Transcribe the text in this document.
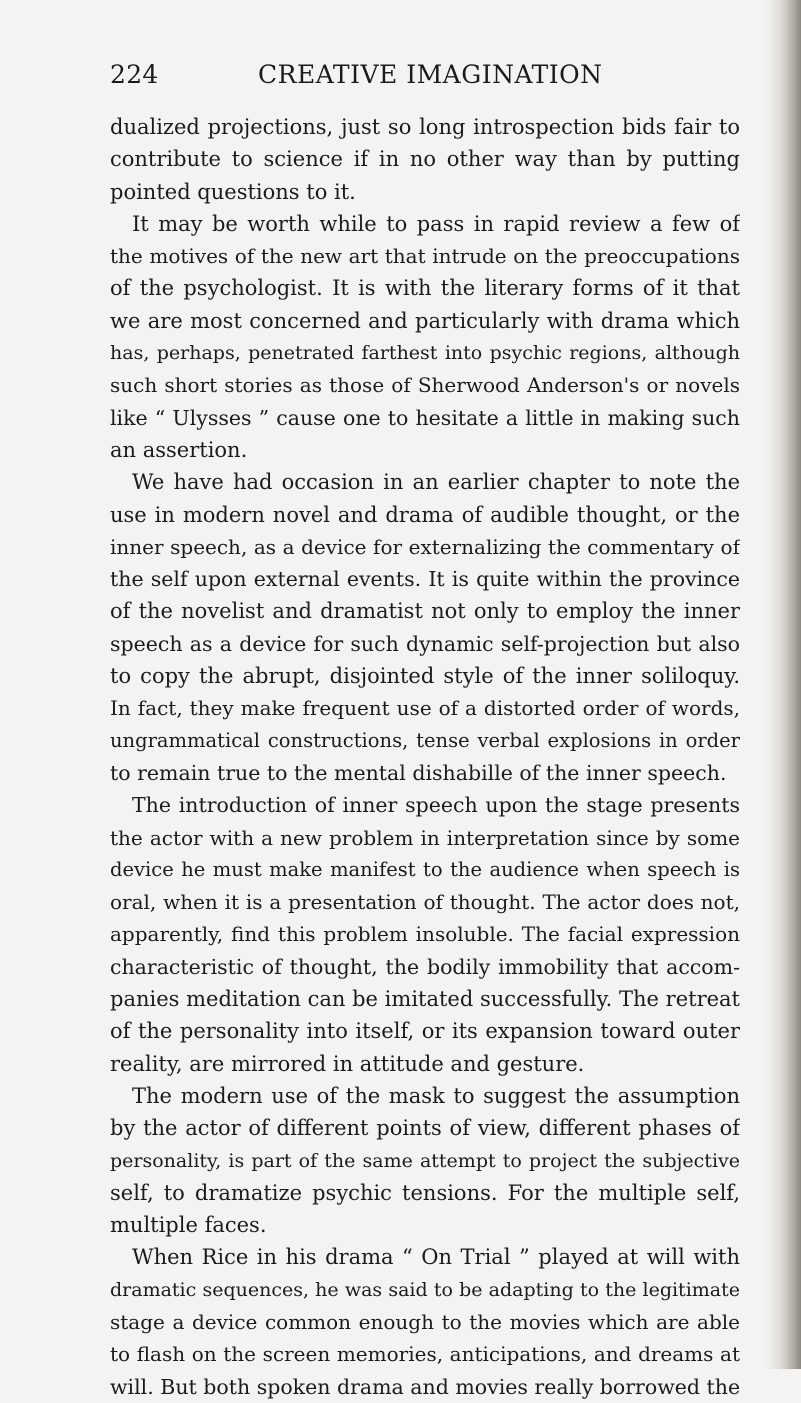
224	CREATIVE IMAGINATION
dualized projections, just so long introspection bids fair to
contribute to science if in no other way than by putting
pointed questions to it.
It may be worth while to pass in rapid review a few of
the motives of the new art that intrude on the preoccupations
of the psychologist. It is with the literary forms of it that
we are most concerned and particularly with drama which
has, perhaps, penetrated farthest into psychic regions, although
such short stories as those of Sherwood Anderson's or novels
like “ Ulysses ” cause one to hesitate a little in making such
an assertion.
We have had occasion in an earlier chapter to note the
use in modern novel and drama of audible thought, or the
inner speech, as a device for externalizing the commentary of
the self upon external events. It is quite within the province
of the novelist and dramatist not only to employ the inner
speech as a device for such dynamic self-projection but also
to copy the abrupt, disjointed style of the inner soliloquy.
In fact, they make frequent use of a distorted order of words,
ungrammatical constructions, tense verbal explosions in order
to remain true to the mental dishabille of the inner speech.
The introduction of inner speech upon the stage presents
the actor with a new problem in interpretation since by some
device he must make manifest to the audience when speech is
oral, when it is a presentation of thought. The actor does not,
apparently, find this problem insoluble. The facial expression
characteristic of thought, the bodily immobility that accom-
panies meditation can be imitated successfully. The retreat
of the personality into itself, or its expansion toward outer
reality, are mirrored in attitude and gesture.
The modern use of the mask to suggest the assumption
by the actor of different points of view, different phases of
personality, is part of the same attempt to project the subjective
self, to dramatize psychic tensions. For the multiple self,
multiple faces.
When Rice in his drama “ On Trial ” played at will with
dramatic sequences, he was said to be adapting to the legitimate
stage a device common enough to the movies which are able
to flash on the screen memories, anticipations, and dreams at
will. But both spoken drama and movies really borrowed the
